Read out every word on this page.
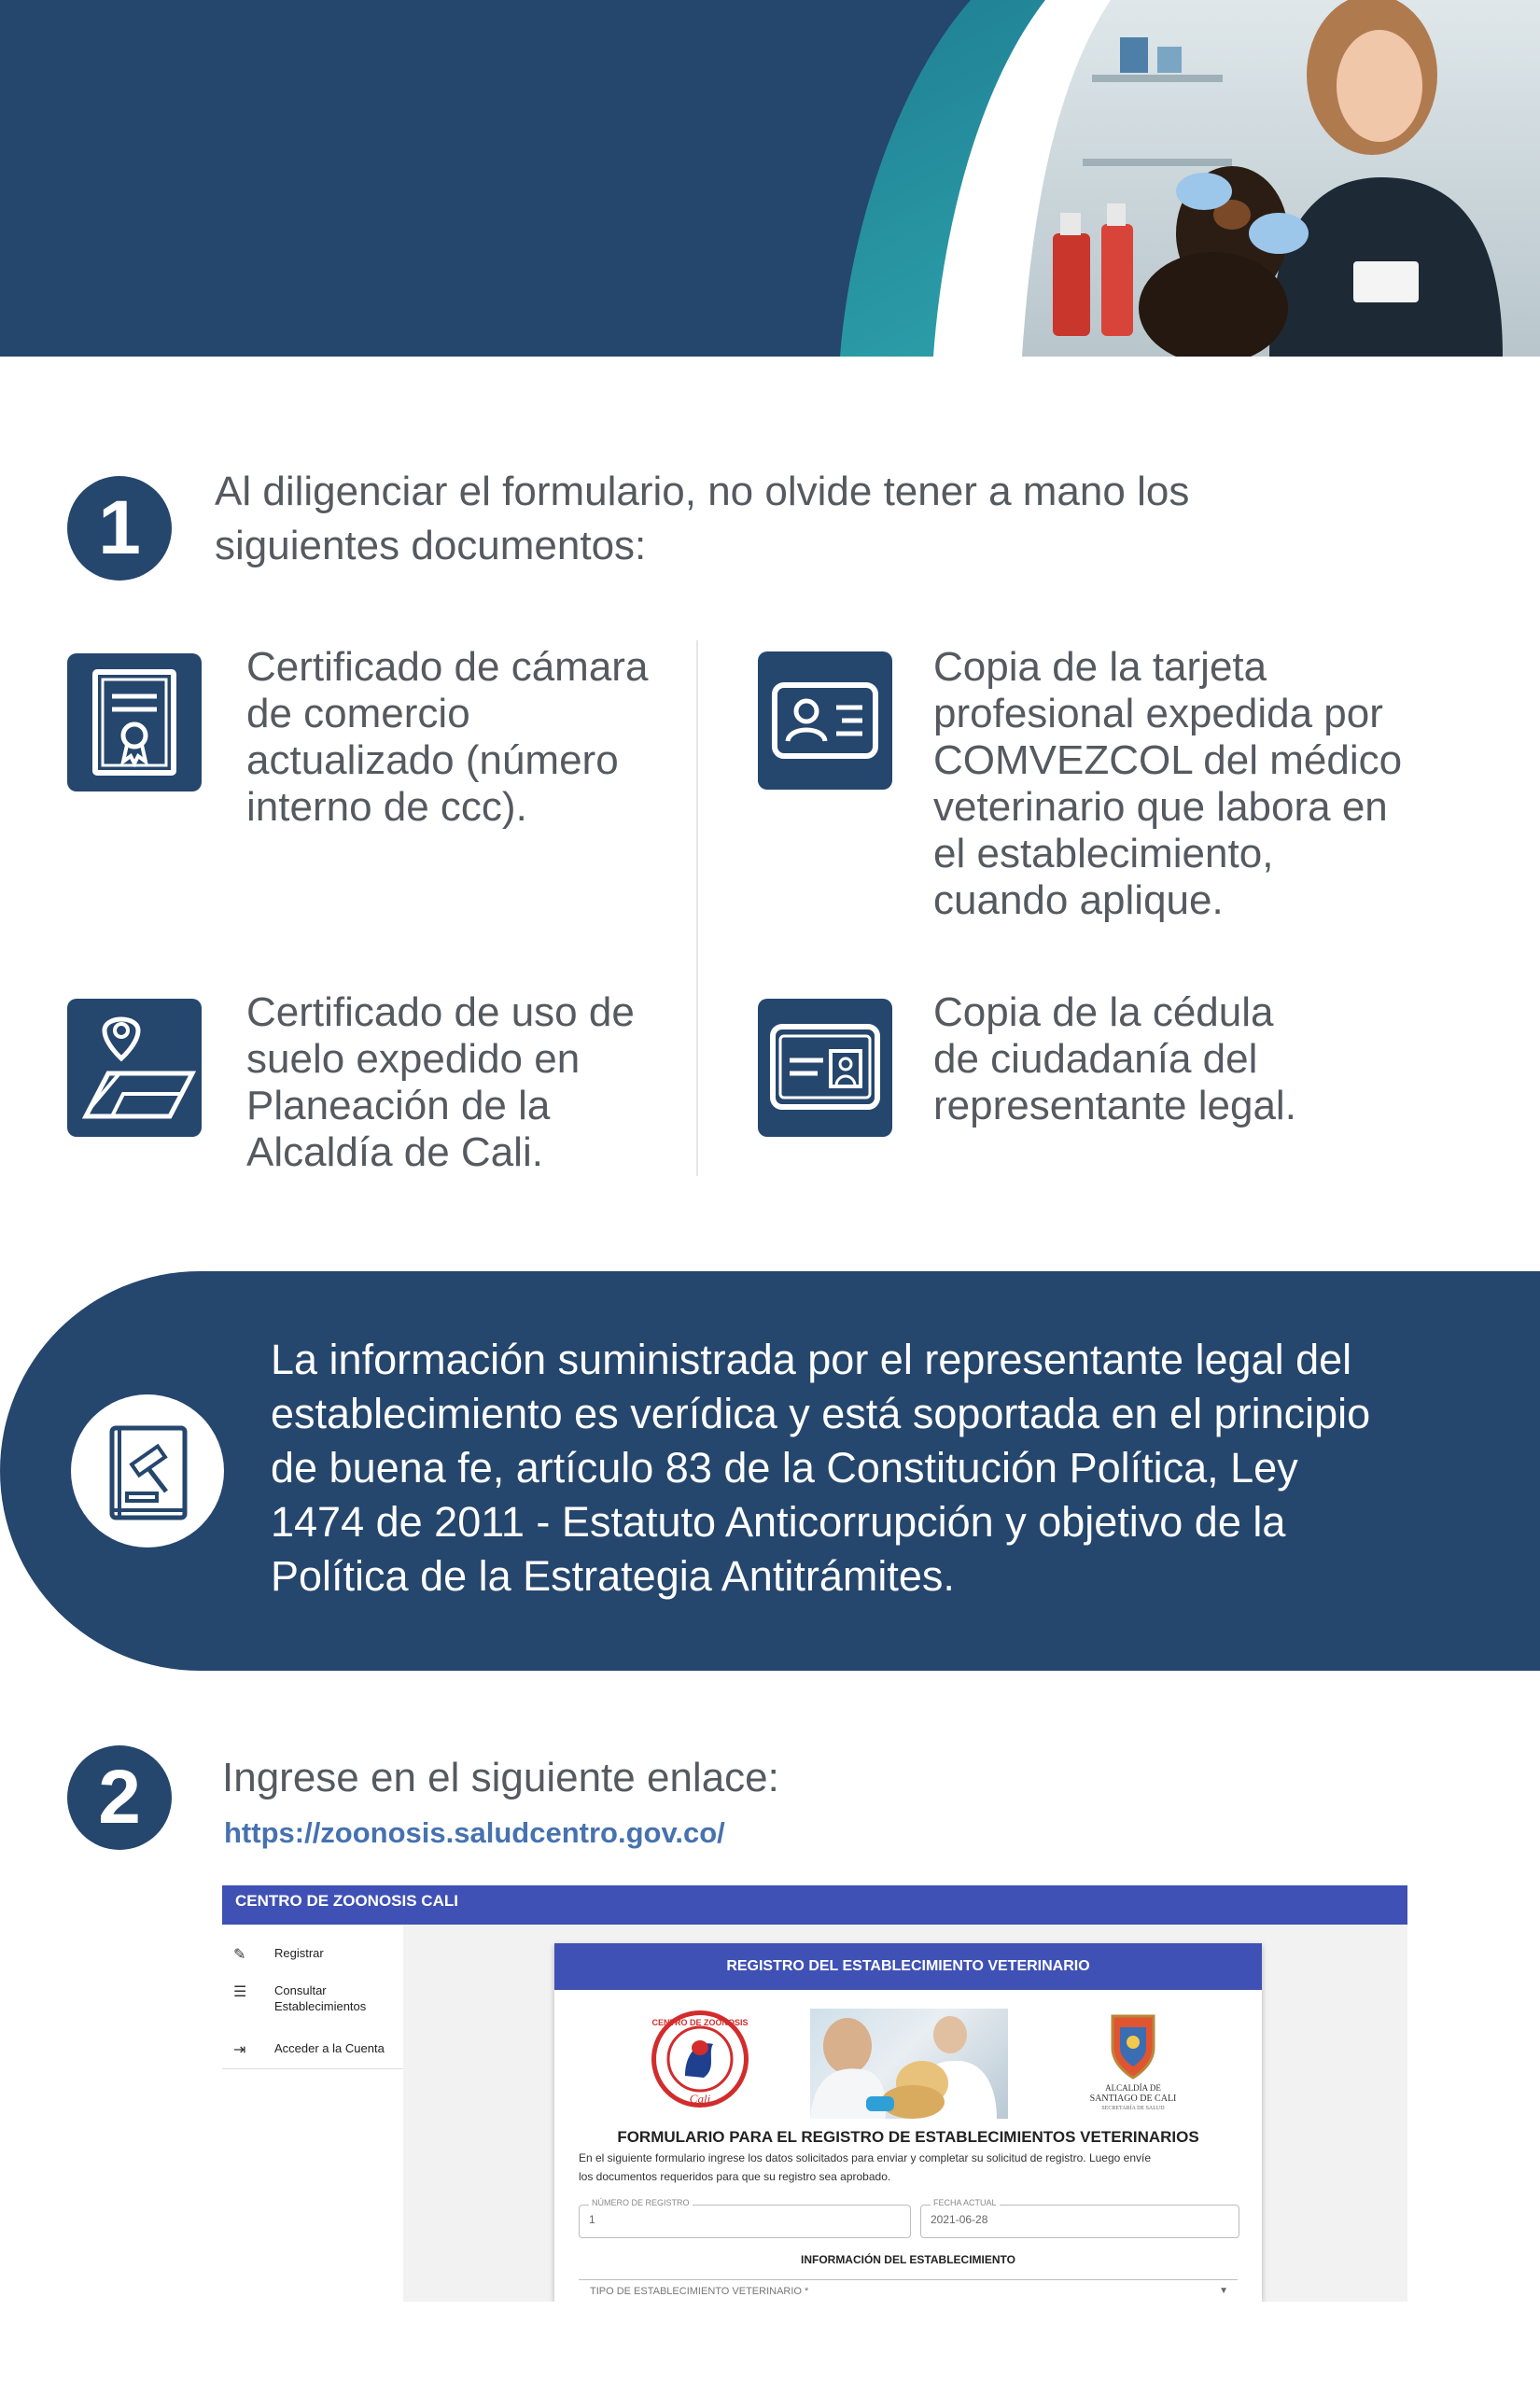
1	Al diligenciar el formulario, no olvide tener a mano los
siguientes documentos:
Certificado de cámara
de comercio
actualizado (número
interno de ccc).
Copia de la tarjeta
profesional expedida por
COMVEZCOL del médico
veterinario que labora en
el establecimiento,
cuando aplique.
Certificado de uso de
suelo expedido en
Planeación de la
Alcaldía de Cali.
Copia de la cédula
de ciudadanía del
representante legal.
La información suministrada por el representante legal del
establecimiento es verídica y está soportada en el principio
de buena fe, artículo 83 de la Constitución Política, Ley
1474 de 2011 - Estatuto Anticorrupción y objetivo de la
Política de la Estrategia Antitrámites.
2	Ingrese en el siguiente enlace:
https://zoonosis.saludcentro.gov.co/
CENTRO DE ZOONOSIS CALI
✎	Registrar
☰	Consultar
Establecimientos
⇥	Acceder a la Cuenta
REGISTRO DEL ESTABLECIMIENTO VETERINARIO
CENTRO DE ZOONOSIS
Cali
ALCALDÍA DE
SANTIAGO DE CALI
SECRETARÍA DE SALUD
FORMULARIO PARA EL REGISTRO DE ESTABLECIMIENTOS VETERINARIOS
En el siguiente formulario ingrese los datos solicitados para enviar y completar su solicitud de registro. Luego envíe
los documentos requeridos para que su registro sea aprobado.
NÚMERO DE REGISTRO
1
FECHA ACTUAL
2021-06-28
INFORMACIÓN DEL ESTABLECIMIENTO
TIPO DE ESTABLECIMIENTO VETERINARIO *	▼
